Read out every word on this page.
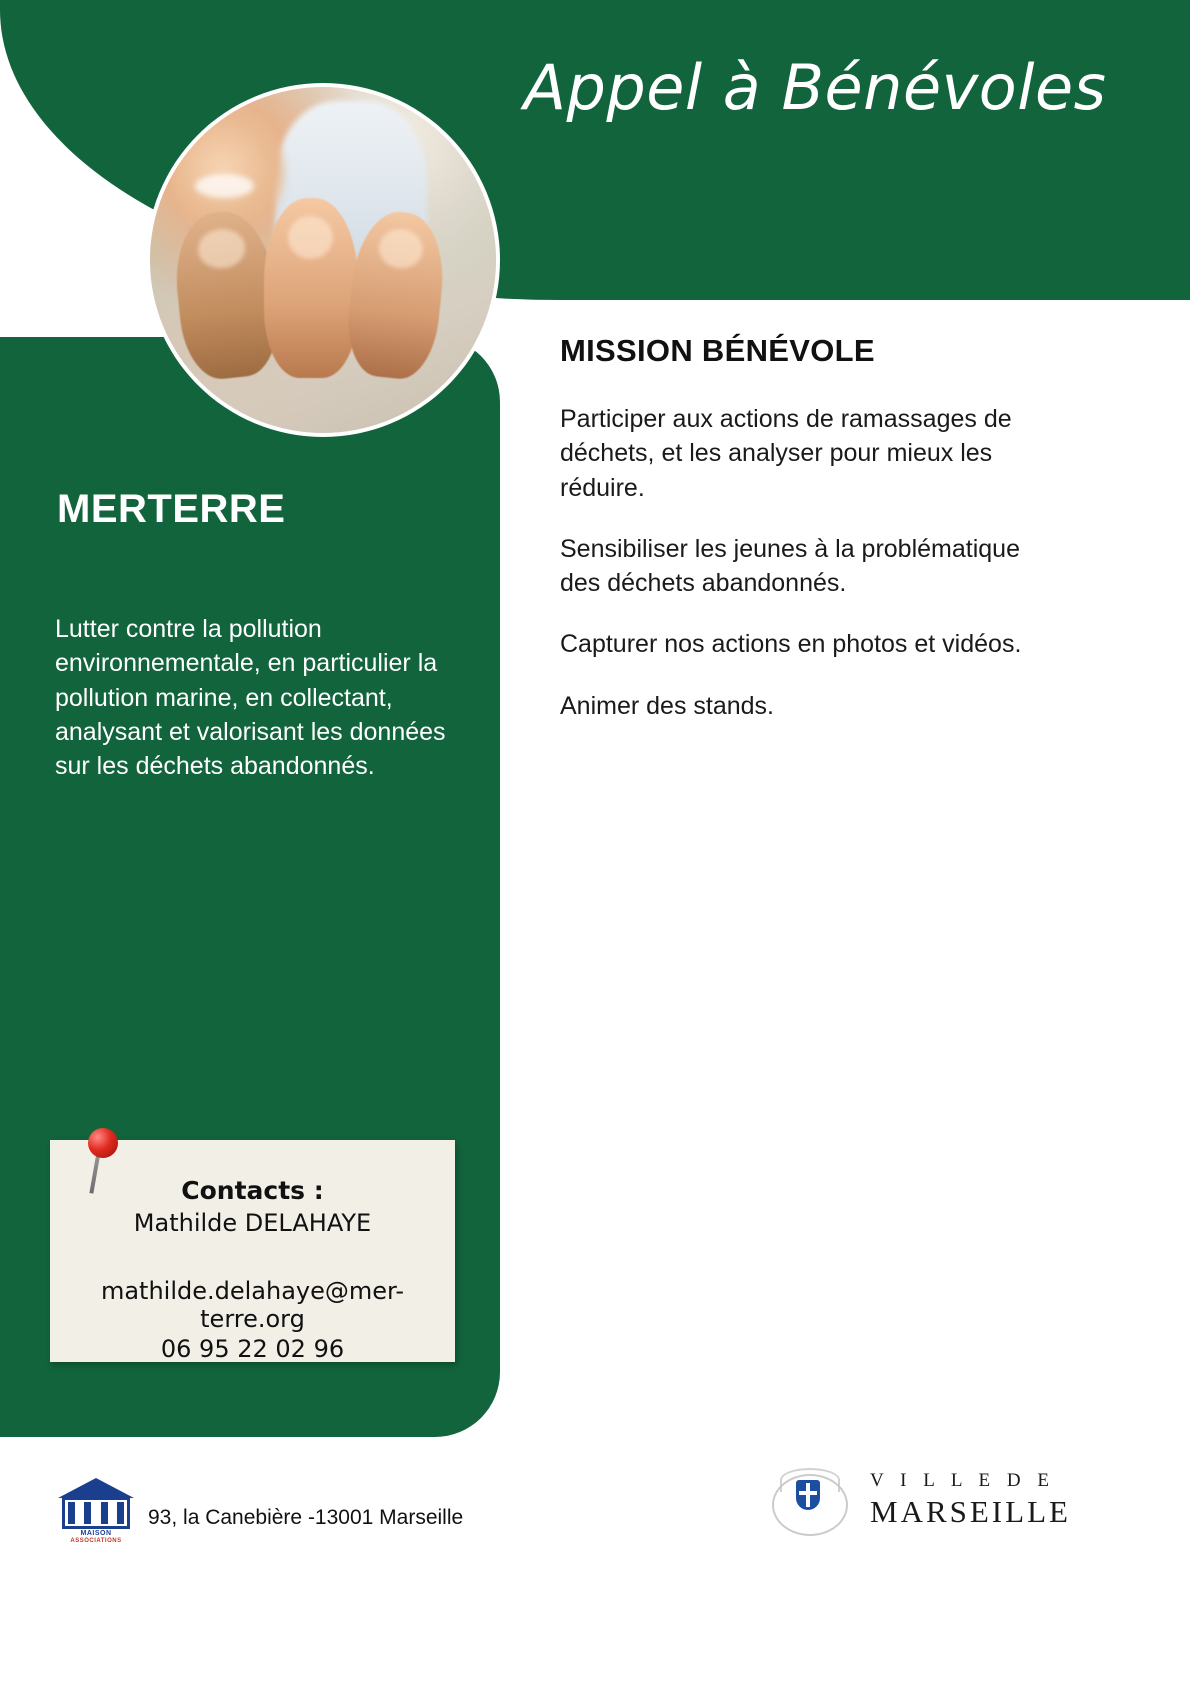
Appel à Bénévoles
MERTERRE
Lutter contre la pollution environnementale, en particulier la pollution marine, en collectant, analysant et valorisant les données sur les déchets abandonnés.
MISSION BÉNÉVOLE
Participer aux actions de ramassages de déchets, et les analyser pour mieux les réduire.
Sensibiliser les jeunes à la problématique des déchets abandonnés.
Capturer nos actions en photos et vidéos.
Animer des stands.
Contacts :
Mathilde DELAHAYE
mathilde.delahaye@mer-terre.org
06 95 22 02 96
MAISON
ASSOCIATIONS
93, la Canebière -13001 Marseille
V I L L E D E
MARSEILLE
